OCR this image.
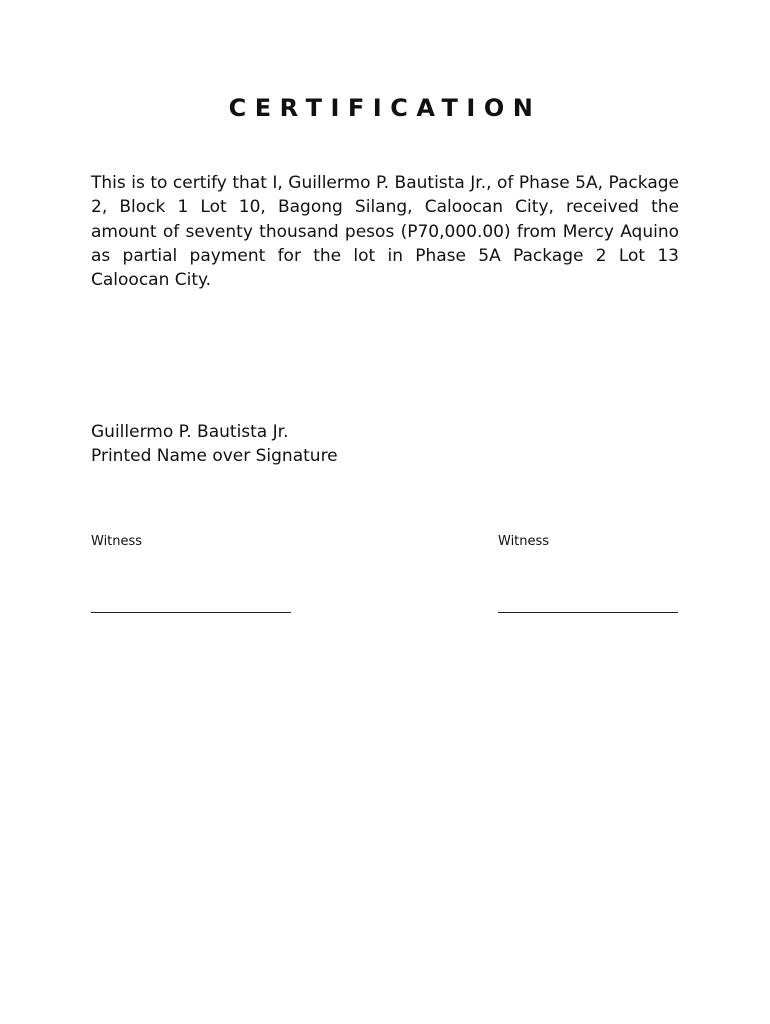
CERTIFICATION
This is to certify that I, Guillermo P. Bautista Jr., of Phase 5A, Package 2, Block 1 Lot 10, Bagong Silang, Caloocan City, received the amount of seventy thousand pesos (P70,000.00) from Mercy Aquino as partial payment for the lot in Phase 5A Package 2 Lot 13 Caloocan City.
Guillermo P. Bautista Jr.
Printed Name over Signature
Witness	Witness
